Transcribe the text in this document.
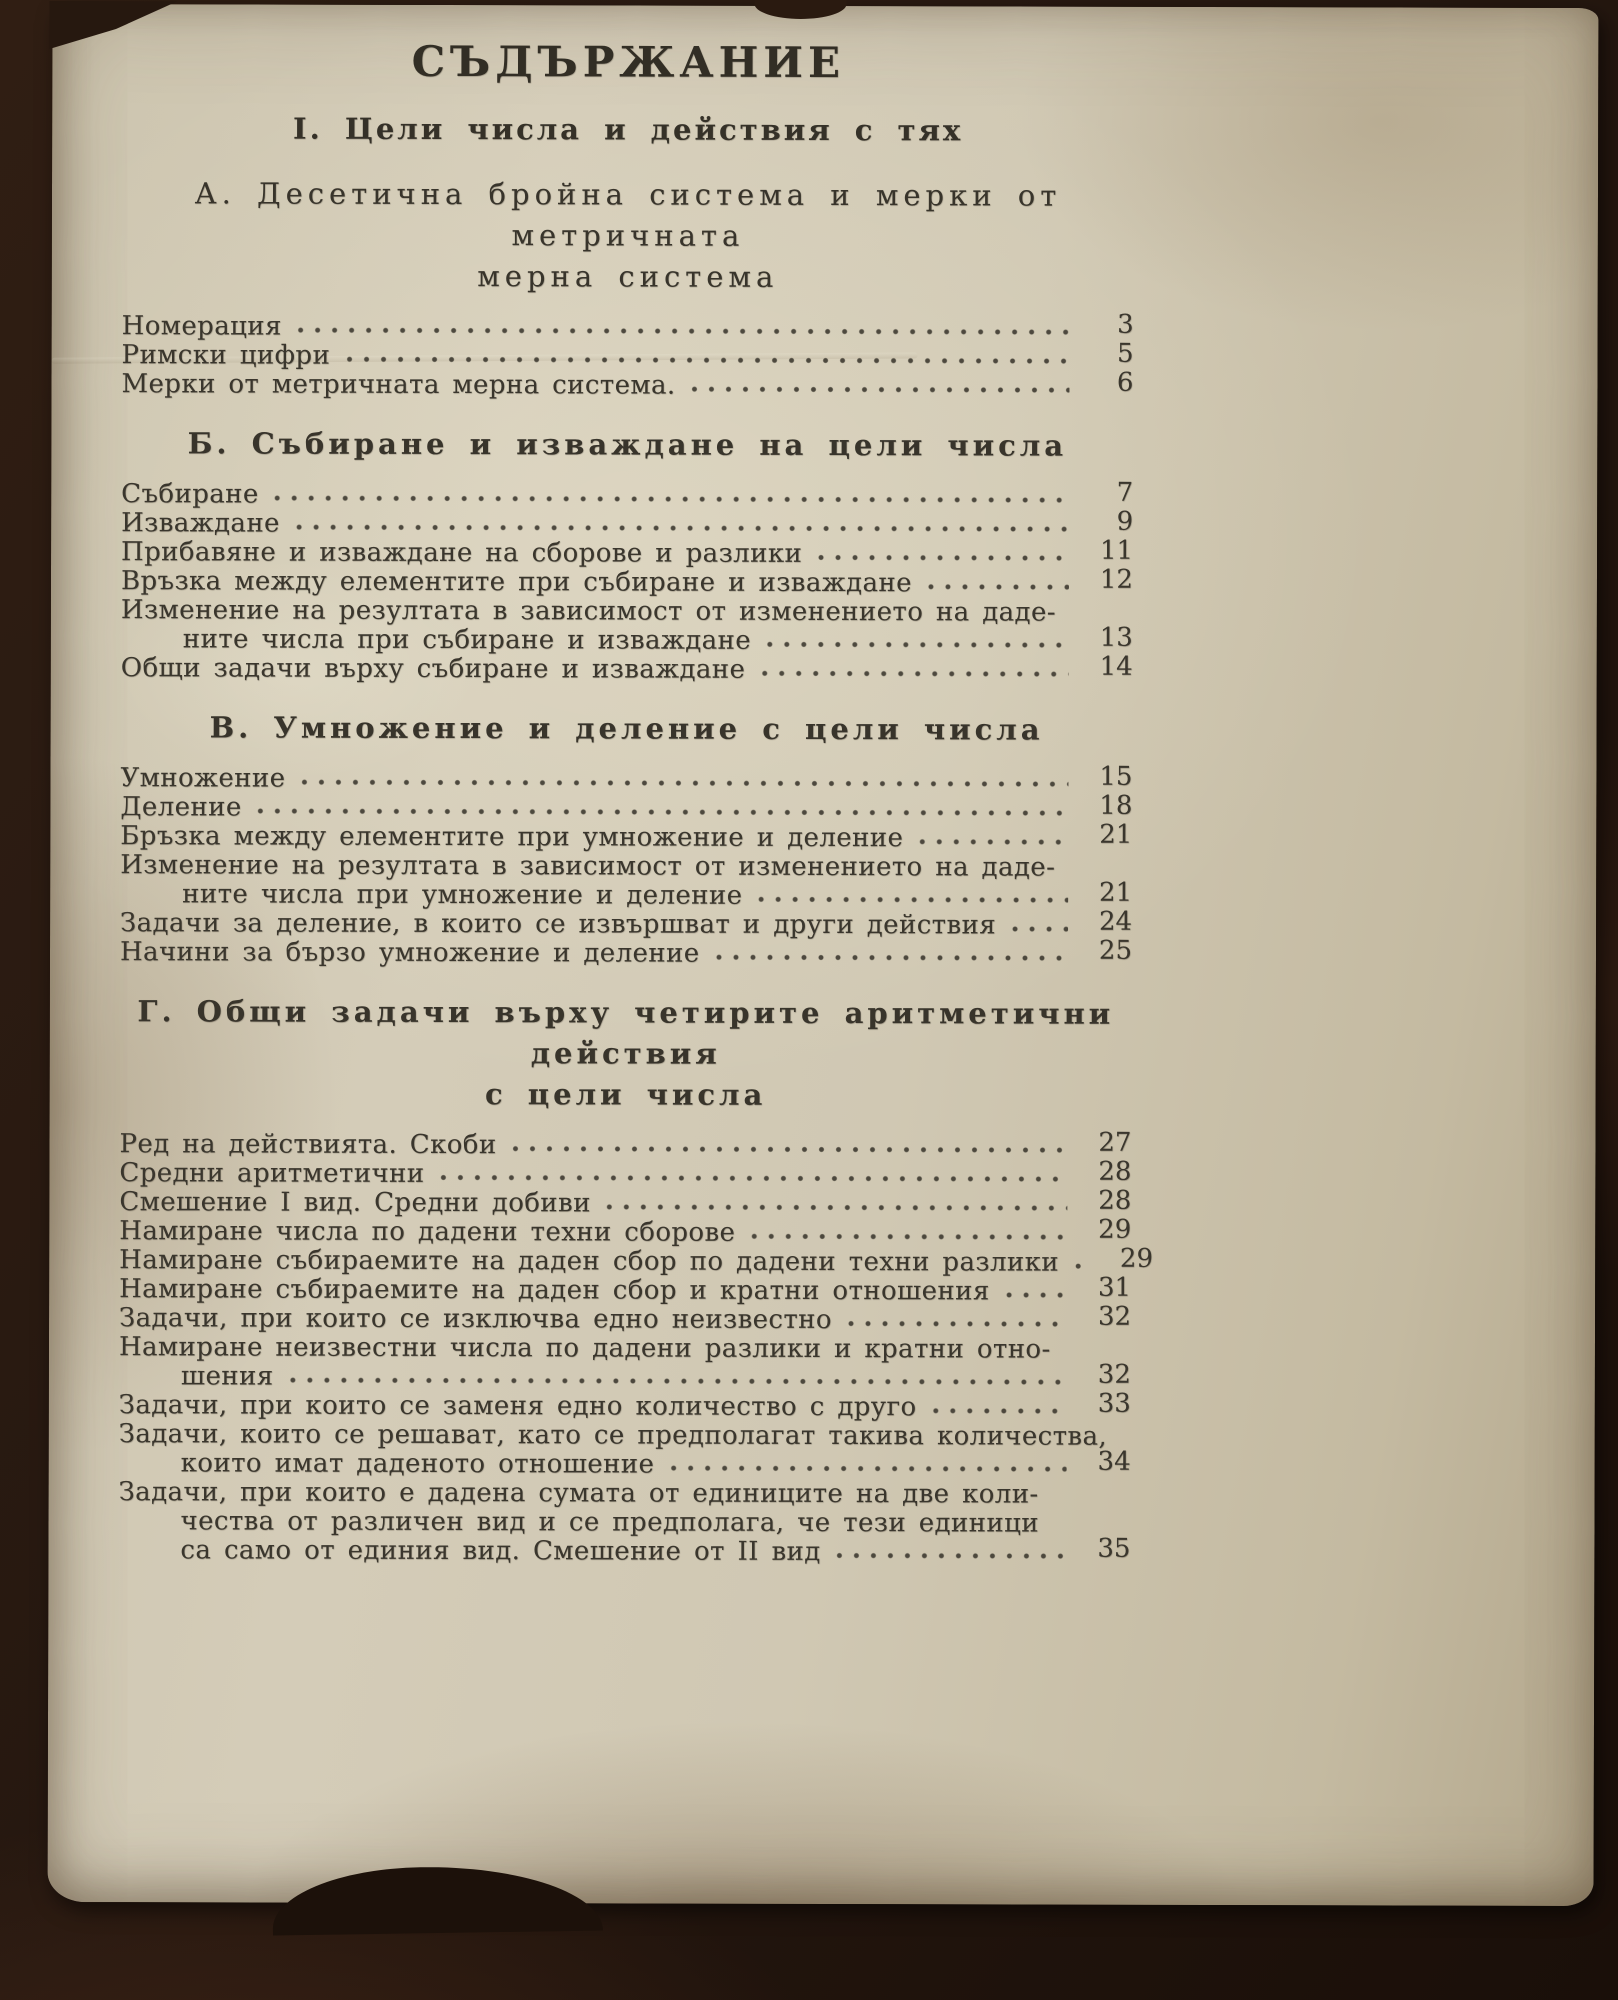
СЪДЪРЖАНИЕ
I. Цели числа и действия с тях
А. Десетична бройна система и мерки от метричната
мерна система
Номерация	3
Римски цифри	5
Мерки от метричната мерна система.	6
Б. Събиране и изваждане на цели числа
Събиране	7
Изваждане	9
Прибавяне и изваждане на сборове и разлики	11
Връзка между елементите при събиране и изваждане	12
Изменение на резултата в зависимост от изменението на даде-
ните числа при събиране и изваждане	13
Общи задачи върху събиране и изваждане	14
В. Умножение и деление с цели числа
Умножение	15
Деление	18
Бръзка между елементите при умножение и деление	21
Изменение на резултата в зависимост от изменението на даде-
ните числа при умножение и деление	21
Задачи за деление, в които се извършват и други действия	24
Начини за бързо умножение и деление	25
Г. Общи задачи върху четирите аритметични действия
с цели числа
Ред на действията. Скоби	27
Средни аритметични	28
Смешение I вид. Средни добиви	28
Намиране числа по дадени техни сборове	29
Намиране събираемите на даден сбор по дадени техни разлики	29
Намиране събираемите на даден сбор и кратни отношения	31
Задачи, при които се изключва едно неизвестно	32
Намиране неизвестни числа по дадени разлики и кратни отно-
шения	32
Задачи, при които се заменя едно количество с друго	33
Задачи, които се решават, като се предполагат такива количества,
които имат даденото отношение	34
Задачи, при които е дадена сумата от единиците на две коли-
чества от различен вид и се предполага, че тези единици
са само от единия вид. Смешение от II вид	35
